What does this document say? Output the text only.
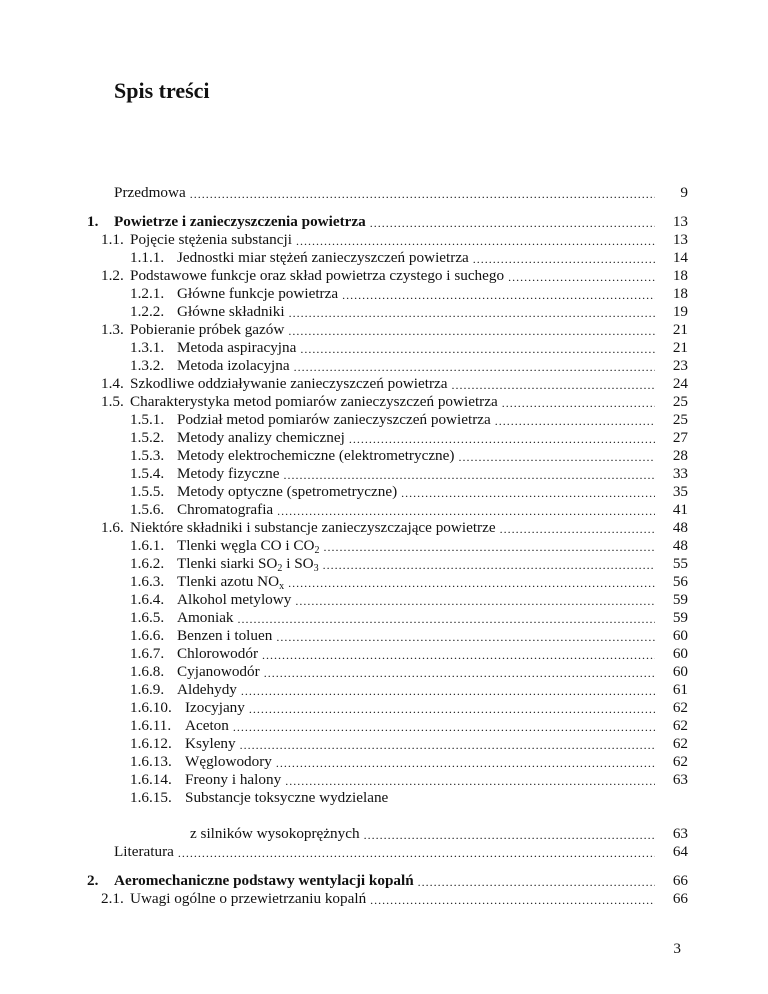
Spis treści
Przedmowa .....	9
1.	Powietrze i zanieczyszczenia powietrza .....	13
1.1. Pojęcie stężenia substancji .....	13
1.1.1. Jednostki miar stężeń zanieczyszczeń powietrza .....	14
1.2. Podstawowe funkcje oraz skład powietrza czystego i suchego .....	18
1.2.1. Główne funkcje powietrza .....	18
1.2.2. Główne składniki .....	19
1.3. Pobieranie próbek gazów .....	21
1.3.1. Metoda aspiracyjna .....	21
1.3.2. Metoda izolacyjna .....	23
1.4. Szkodliwe oddziaływanie zanieczyszczeń powietrza .....	24
1.5. Charakterystyka metod pomiarów zanieczyszczeń powietrza .....	25
1.5.1. Podział metod pomiarów zanieczyszczeń powietrza .....	25
1.5.2. Metody analizy chemicznej .....	27
1.5.3. Metody elektrochemiczne (elektrometryczne) .....	28
1.5.4. Metody fizyczne .....	33
1.5.5. Metody optyczne (spetrometryczne) .....	35
1.5.6. Chromatografia .....	41
1.6. Niektóre składniki i substancje zanieczyszczające powietrze .....	48
1.6.1. Tlenki węgla CO i $CO_2$ .....	48
1.6.2. Tlenki siarki $SO_2$ i $SO_3$ .....	55
1.6.3. Tlenki azotu $NO_x$ .....	56
1.6.4. Alkohol metylowy .....	59
1.6.5. Amoniak .....	59
1.6.6. Benzen i toluen .....	60
1.6.7. Chlorowodór .....	60
1.6.8. Cyjanowodór .....	60
1.6.9. Aldehydy .....	61
1.6.10. Izocyjany .....	62
1.6.11. Aceton .....	62
1.6.12. Ksyleny .....	62
1.6.13. Węglowodory .....	62
1.6.14. Freony i halony .....	63
1.6.15. Substancje toksyczne wydzielane
z silników wysokoprężnych .....	63
Literatura .....	64
2.	Aeromechaniczne podstawy wentylacji kopalń .....	66
2.1. Uwagi ogólne o przewietrzaniu kopalń .....	66
3
